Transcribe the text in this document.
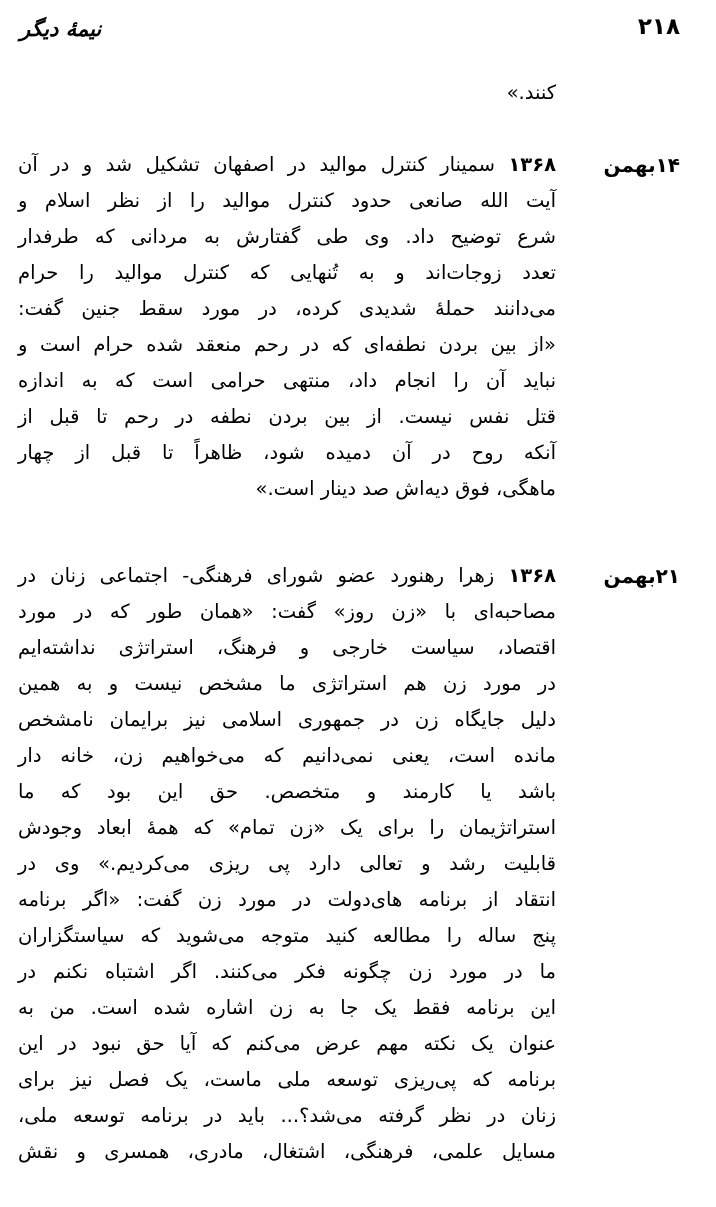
۲۱۸
نیمهٔ دیگر
کنند.»
۱۴بهمن
۱۳۶۸ سمینار کنترل موالید در اصفهان تشکیل شد و در آن
آیت الله صانعی حدود کنترل موالید را از نظر اسلام و
شرع توضیح داد. وی طی گفتارش به مردانی که طرفدار
تعدد زوجات‌اند و به تُنهایی که کنترل موالید را حرام
می‌دانند حملهٔ شدیدی کرده، در مورد سقط جنین گفت:
«از بین بردن نطفه‌ای که در رحم منعقد شده حرام است و
نباید آن را انجام داد، منتهی حرامی است که به اندازه
قتل نفس نیست. از بین بردن نطفه در رحم تا قبل از
آنکه روح در آن دمیده شود، ظاهراً تا قبل از چهار
ماهگی، فوق دیه‌اش صد دینار است.»
۲۱بهمن
۱۳۶۸ زهرا رهنورد عضو شورای فرهنگی- اجتماعی زنان در
مصاحبه‌ای با «زن روز» گفت: «همان طور که در مورد
اقتصاد، سیاست خارجی و فرهنگ، استراتژی نداشته‌ایم
در مورد زن هم استراتژی ما مشخص نیست و به همین
دلیل جایگاه زن در جمهوری اسلامی نیز برایمان نامشخص
مانده است، یعنی نمی‌دانیم که می‌خواهیم زن، خانه دار
باشد یا کارمند و متخصص. حق این بود که ما
استراتژیمان را برای یک «زن تمام» که همهٔ ابعاد وجودش
قابلیت رشد و تعالی دارد پی ریزی می‌کردیم.» وی در
انتقاد از برنامه های‌دولت در مورد زن گفت: «اگر برنامه
پنج ساله را مطالعه کنید متوجه می‌شوید که سیاستگزاران
ما در مورد زن چگونه فکر می‌کنند. اگر اشتباه نکنم در
این برنامه فقط یک جا به زن اشاره شده است. من به
عنوان یک نکته مهم عرض می‌کنم که آیا حق نبود در این
برنامه که پی‌ریزی توسعه ملی ماست، یک فصل نیز برای
زنان در نظر گرفته می‌شد؟... باید در برنامه توسعه ملی،
مسایل علمی، فرهنگی، اشتغال، مادری، همسری و نقش
